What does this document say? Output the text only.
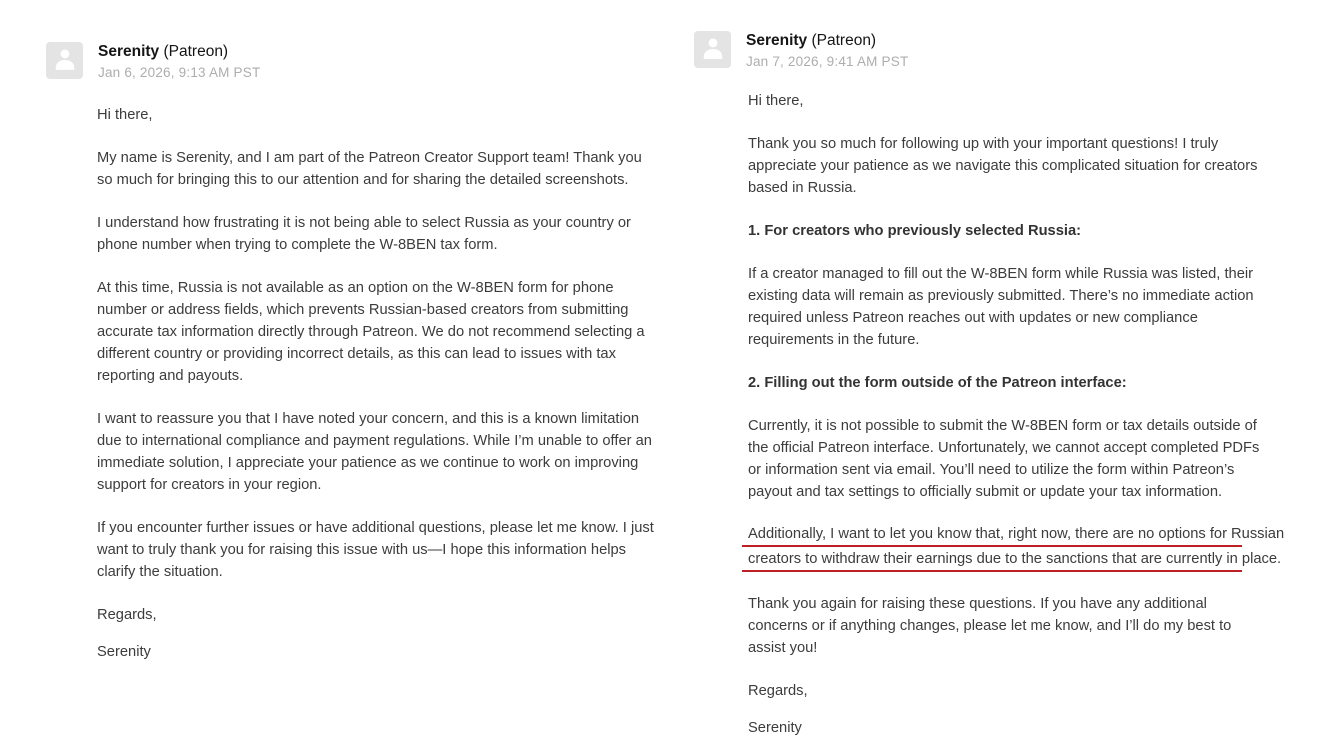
Serenity (Patreon)
Jan 6, 2026, 9:13 AM PST

Hi there,

My name is Serenity, and I am part of the Patreon Creator Support team! Thank you so much for bringing this to our attention and for sharing the detailed screenshots.

I understand how frustrating it is not being able to select Russia as your country or phone number when trying to complete the W-8BEN tax form.

At this time, Russia is not available as an option on the W-8BEN form for phone number or address fields, which prevents Russian-based creators from submitting accurate tax information directly through Patreon. We do not recommend selecting a different country or providing incorrect details, as this can lead to issues with tax reporting and payouts.

I want to reassure you that I have noted your concern, and this is a known limitation due to international compliance and payment regulations. While I’m unable to offer an immediate solution, I appreciate your patience as we continue to work on improving support for creators in your region.

If you encounter further issues or have additional questions, please let me know. I just want to truly thank you for raising this issue with us—I hope this information helps clarify the situation.

Regards,

Serenity

Serenity (Patreon)
Jan 7, 2026, 9:41 AM PST

Hi there,

Thank you so much for following up with your important questions! I truly appreciate your patience as we navigate this complicated situation for creators based in Russia.

1. For creators who previously selected Russia:

If a creator managed to fill out the W-8BEN form while Russia was listed, their existing data will remain as previously submitted. There’s no immediate action required unless Patreon reaches out with updates or new compliance requirements in the future.

2. Filling out the form outside of the Patreon interface:

Currently, it is not possible to submit the W-8BEN form or tax details outside of the official Patreon interface. Unfortunately, we cannot accept completed PDFs or information sent via email. You’ll need to utilize the form within Patreon’s payout and tax settings to officially submit or update your tax information.

Additionally, I want to let you know that, right now, there are no options for Russian
creators to withdraw their earnings due to the sanctions that are currently in place.

Thank you again for raising these questions. If you have any additional concerns or if anything changes, please let me know, and I’ll do my best to assist you!

Regards,

Serenity
